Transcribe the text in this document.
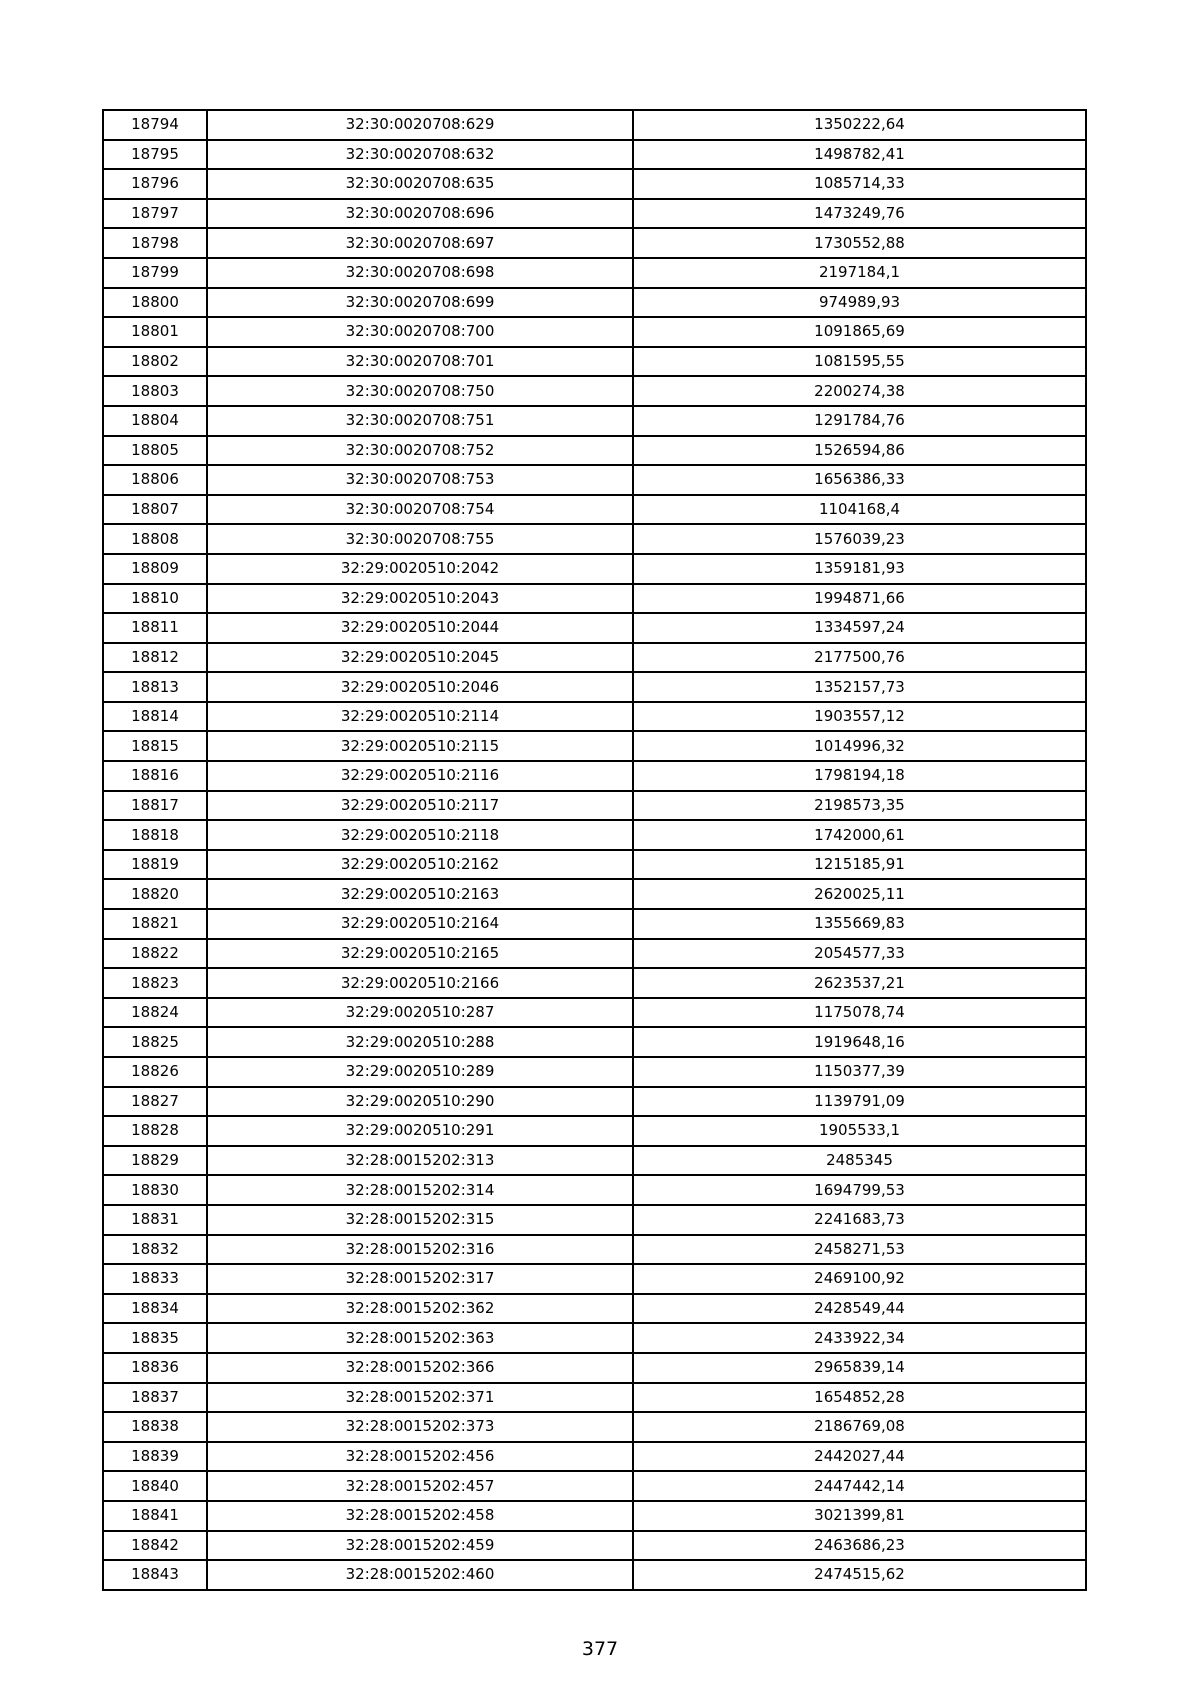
18794	32:30:0020708:629	1350222,64
18795	32:30:0020708:632	1498782,41
18796	32:30:0020708:635	1085714,33
18797	32:30:0020708:696	1473249,76
18798	32:30:0020708:697	1730552,88
18799	32:30:0020708:698	2197184,1
18800	32:30:0020708:699	974989,93
18801	32:30:0020708:700	1091865,69
18802	32:30:0020708:701	1081595,55
18803	32:30:0020708:750	2200274,38
18804	32:30:0020708:751	1291784,76
18805	32:30:0020708:752	1526594,86
18806	32:30:0020708:753	1656386,33
18807	32:30:0020708:754	1104168,4
18808	32:30:0020708:755	1576039,23
18809	32:29:0020510:2042	1359181,93
18810	32:29:0020510:2043	1994871,66
18811	32:29:0020510:2044	1334597,24
18812	32:29:0020510:2045	2177500,76
18813	32:29:0020510:2046	1352157,73
18814	32:29:0020510:2114	1903557,12
18815	32:29:0020510:2115	1014996,32
18816	32:29:0020510:2116	1798194,18
18817	32:29:0020510:2117	2198573,35
18818	32:29:0020510:2118	1742000,61
18819	32:29:0020510:2162	1215185,91
18820	32:29:0020510:2163	2620025,11
18821	32:29:0020510:2164	1355669,83
18822	32:29:0020510:2165	2054577,33
18823	32:29:0020510:2166	2623537,21
18824	32:29:0020510:287	1175078,74
18825	32:29:0020510:288	1919648,16
18826	32:29:0020510:289	1150377,39
18827	32:29:0020510:290	1139791,09
18828	32:29:0020510:291	1905533,1
18829	32:28:0015202:313	2485345
18830	32:28:0015202:314	1694799,53
18831	32:28:0015202:315	2241683,73
18832	32:28:0015202:316	2458271,53
18833	32:28:0015202:317	2469100,92
18834	32:28:0015202:362	2428549,44
18835	32:28:0015202:363	2433922,34
18836	32:28:0015202:366	2965839,14
18837	32:28:0015202:371	1654852,28
18838	32:28:0015202:373	2186769,08
18839	32:28:0015202:456	2442027,44
18840	32:28:0015202:457	2447442,14
18841	32:28:0015202:458	3021399,81
18842	32:28:0015202:459	2463686,23
18843	32:28:0015202:460	2474515,62
377
